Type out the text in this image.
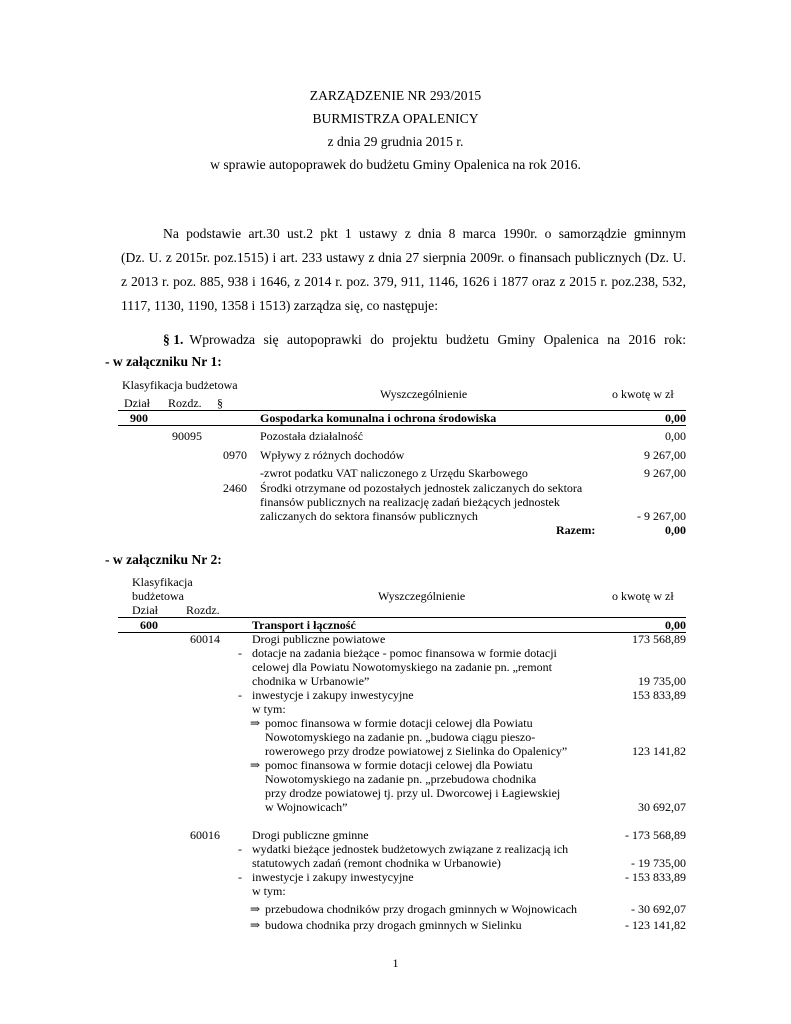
ZARZĄDZENIE NR 293/2015
BURMISTRZA OPALENICY
z dnia 29 grudnia 2015 r.
w sprawie autopoprawek do budżetu Gminy Opalenica na rok 2016.
Na podstawie art.30 ust.2 pkt 1 ustawy z dnia 8 marca 1990r. o samorządzie gminnym
(Dz. U. z 2015r. poz.1515) i art. 233 ustawy z dnia 27 sierpnia 2009r. o finansach publicznych (Dz. U.
z 2013 r. poz. 885, 938 i 1646, z 2014 r. poz. 379, 911, 1146, 1626 i 1877 oraz z 2015 r. poz.238, 532,
1117, 1130, 1190, 1358 i 1513) zarządza się, co następuje:
§ 1. Wprowadza się autopoprawki do projektu budżetu Gminy Opalenica na 2016 rok:
- w załączniku Nr 1:
Klasyfikacja budżetowa
Wyszczególnienie	o kwotę w zł
Dział Rozdz. §
900	Gospodarka komunalna i ochrona środowiska	0,00
90095	Pozostała działalność	0,00
0970 Wpływy z różnych dochodów	9 267,00
-zwrot podatku VAT naliczonego z Urzędu Skarbowego	9 267,00
2460 Środki otrzymane od pozostałych jednostek zaliczanych do sektora
finansów publicznych na realizację zadań bieżących jednostek
zaliczanych do sektora finansów publicznych	- 9 267,00
Razem:	0,00
- w załączniku Nr 2:
Klasyfikacja
budżetowa	Wyszczególnienie	o kwotę w zł
Dział Rozdz.
600	Transport i łączność	0,00
60014	Drogi publiczne powiatowe	173 568,89
- dotacje na zadania bieżące - pomoc finansowa w formie dotacji
celowej dla Powiatu Nowotomyskiego na zadanie pn. „remont
chodnika w Urbanowie”	19 735,00
- inwestycje i zakupy inwestycyjne	153 833,89
w tym:
⇒ pomoc finansowa w formie dotacji celowej dla Powiatu
Nowotomyskiego na zadanie pn. „budowa ciągu pieszo-
rowerowego przy drodze powiatowej z Sielinka do Opalenicy”	123 141,82
⇒ pomoc finansowa w formie dotacji celowej dla Powiatu
Nowotomyskiego na zadanie pn. „przebudowa chodnika
przy drodze powiatowej tj. przy ul. Dworcowej i Łagiewskiej
w Wojnowicach”	30 692,07
60016	Drogi publiczne gminne	- 173 568,89
- wydatki bieżące jednostek budżetowych związane z realizacją ich
statutowych zadań (remont chodnika w Urbanowie)	- 19 735,00
- inwestycje i zakupy inwestycyjne	- 153 833,89
w tym:
⇒ przebudowa chodników przy drogach gminnych w Wojnowicach	- 30 692,07
⇒ budowa chodnika przy drogach gminnych w Sielinku	- 123 141,82
1
